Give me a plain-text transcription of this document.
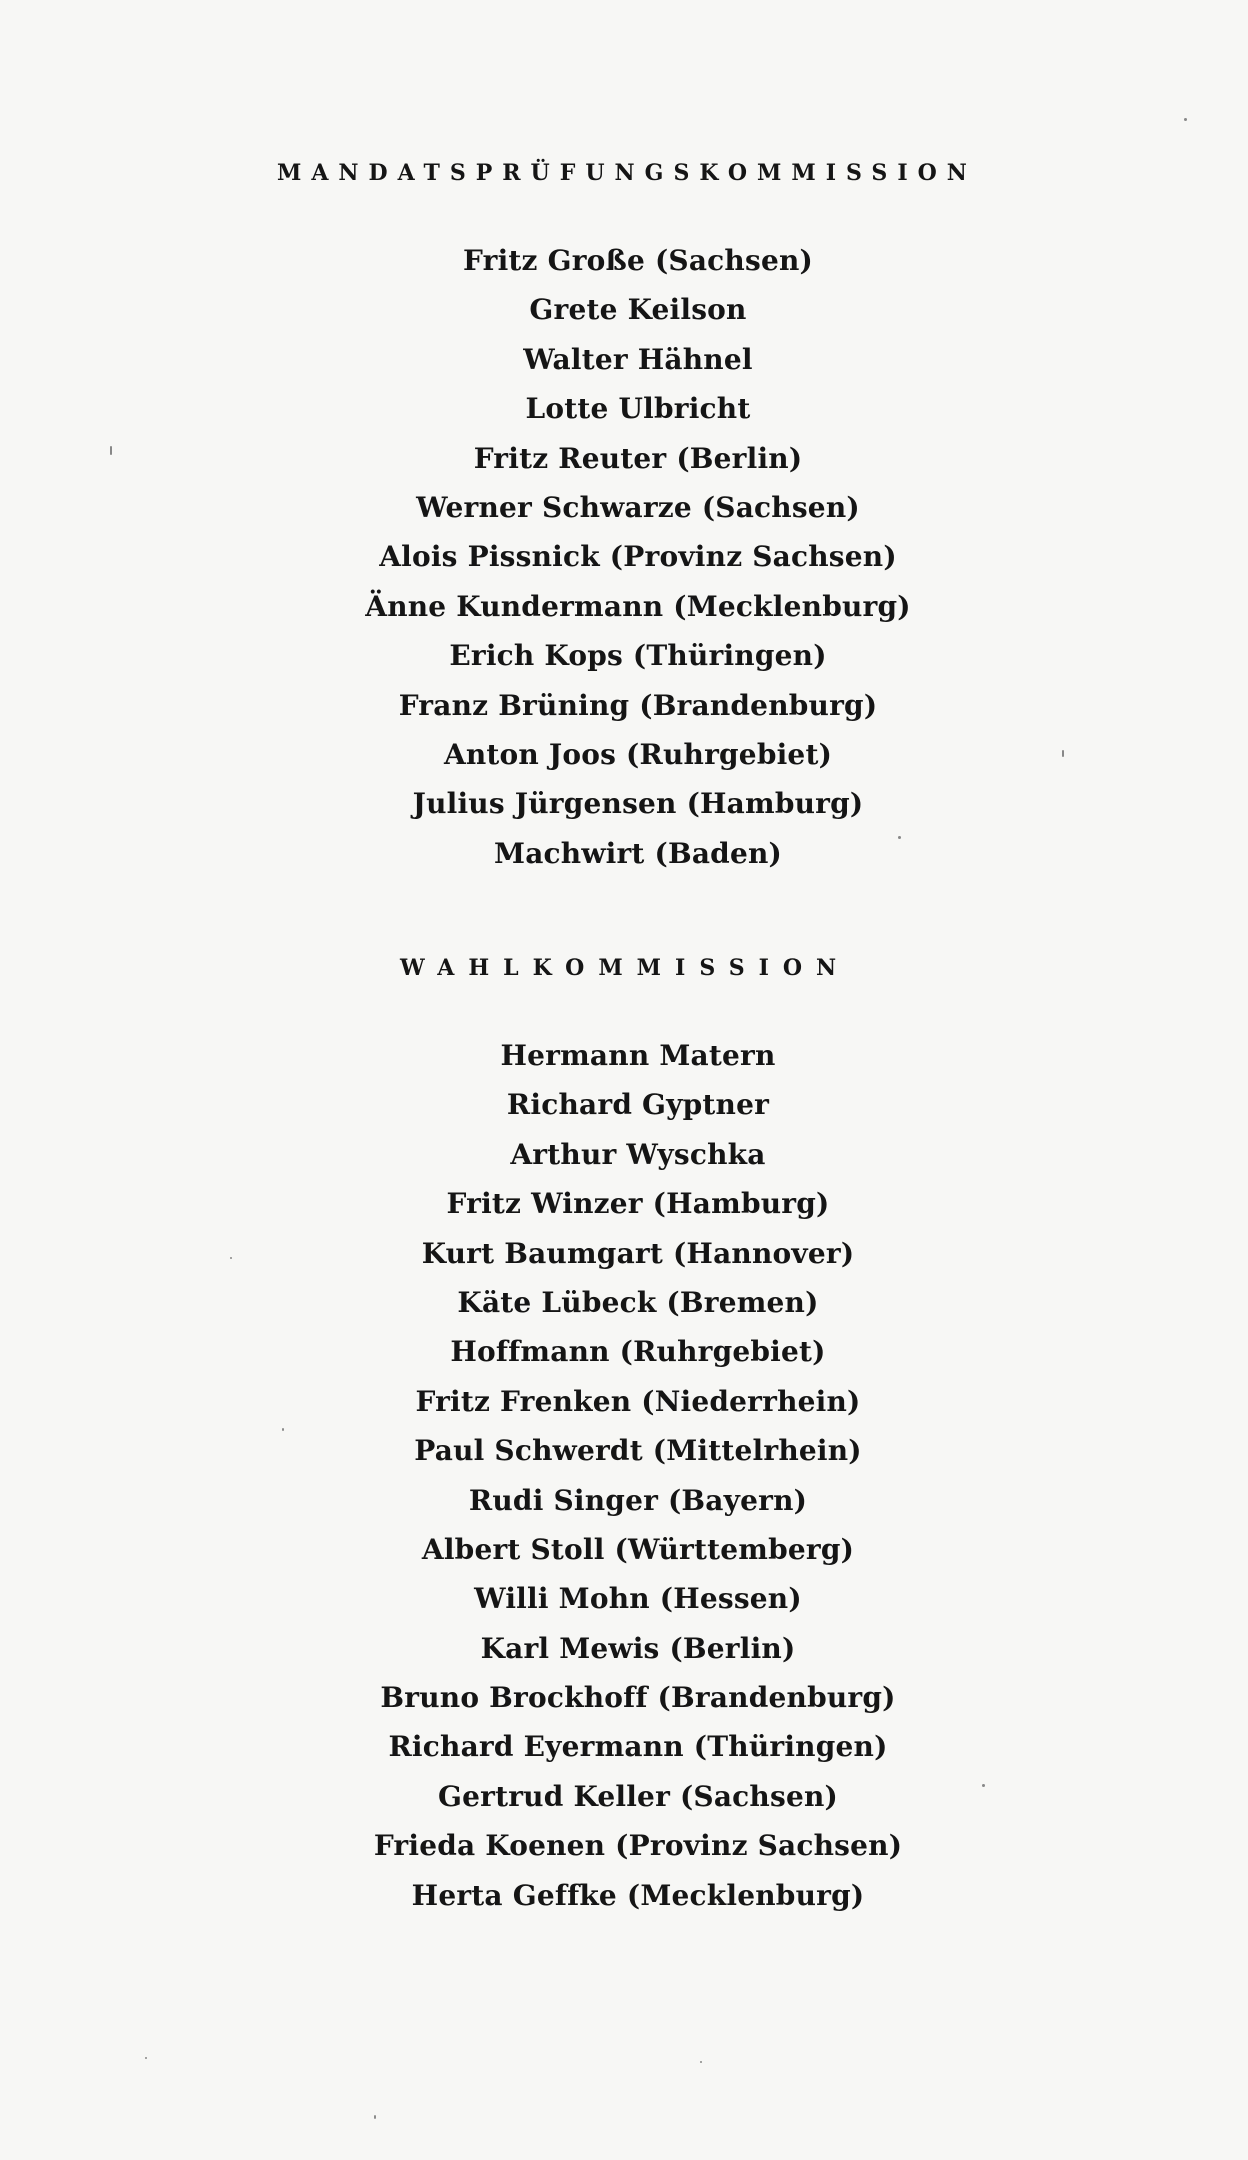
MANDATSPRÜFUNGSKOMMISSION
Fritz Große (Sachsen)
Grete Keilson
Walter Hähnel
Lotte Ulbricht
Fritz Reuter (Berlin)
Werner Schwarze (Sachsen)
Alois Pissnick (Provinz Sachsen)
Änne Kundermann (Mecklenburg)
Erich Kops (Thüringen)
Franz Brüning (Brandenburg)
Anton Joos (Ruhrgebiet)
Julius Jürgensen (Hamburg)
Machwirt (Baden)
WAHLKOMMISSION
Hermann Matern
Richard Gyptner
Arthur Wyschka
Fritz Winzer (Hamburg)
Kurt Baumgart (Hannover)
Käte Lübeck (Bremen)
Hoffmann (Ruhrgebiet)
Fritz Frenken (Niederrhein)
Paul Schwerdt (Mittelrhein)
Rudi Singer (Bayern)
Albert Stoll (Württemberg)
Willi Mohn (Hessen)
Karl Mewis (Berlin)
Bruno Brockhoff (Brandenburg)
Richard Eyermann (Thüringen)
Gertrud Keller (Sachsen)
Frieda Koenen (Provinz Sachsen)
Herta Geffke (Mecklenburg)
